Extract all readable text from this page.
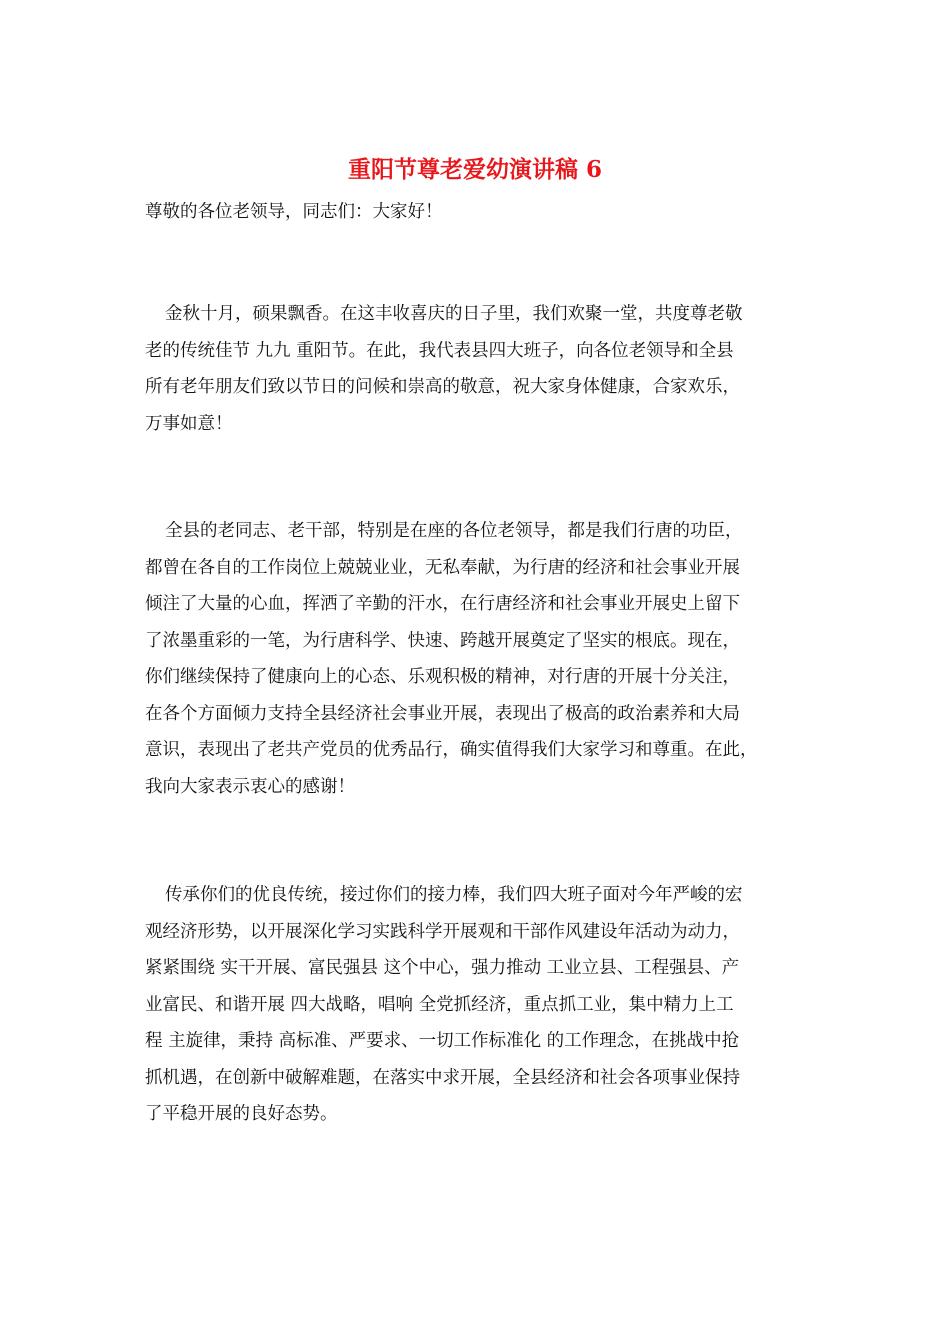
重阳节尊老爱幼演讲稿 6
尊敬的各位老领导，同志们：大家好！
金秋十月，硕果飘香。在这丰收喜庆的日子里，我们欢聚一堂，共度尊老敬
老的传统佳节 九九 重阳节。在此，我代表县四大班子，向各位老领导和全县
所有老年朋友们致以节日的问候和崇高的敬意，祝大家身体健康，合家欢乐，
万事如意！
全县的老同志、老干部，特别是在座的各位老领导，都是我们行唐的功臣，
都曾在各自的工作岗位上兢兢业业，无私奉献，为行唐的经济和社会事业开展
倾注了大量的心血，挥洒了辛勤的汗水，在行唐经济和社会事业开展史上留下
了浓墨重彩的一笔，为行唐科学、快速、跨越开展奠定了坚实的根底。现在，
你们继续保持了健康向上的心态、乐观积极的精神，对行唐的开展十分关注，
在各个方面倾力支持全县经济社会事业开展，表现出了极高的政治素养和大局
意识，表现出了老共产党员的优秀品行，确实值得我们大家学习和尊重。在此，
我向大家表示衷心的感谢！
传承你们的优良传统，接过你们的接力棒，我们四大班子面对今年严峻的宏
观经济形势，以开展深化学习实践科学开展观和干部作风建设年活动为动力，
紧紧围绕 实干开展、富民强县 这个中心，强力推动 工业立县、工程强县、产
业富民、和谐开展 四大战略，唱响 全党抓经济，重点抓工业，集中精力上工
程 主旋律，秉持 高标准、严要求、一切工作标准化 的工作理念，在挑战中抢
抓机遇，在创新中破解难题，在落实中求开展，全县经济和社会各项事业保持
了平稳开展的良好态势。
